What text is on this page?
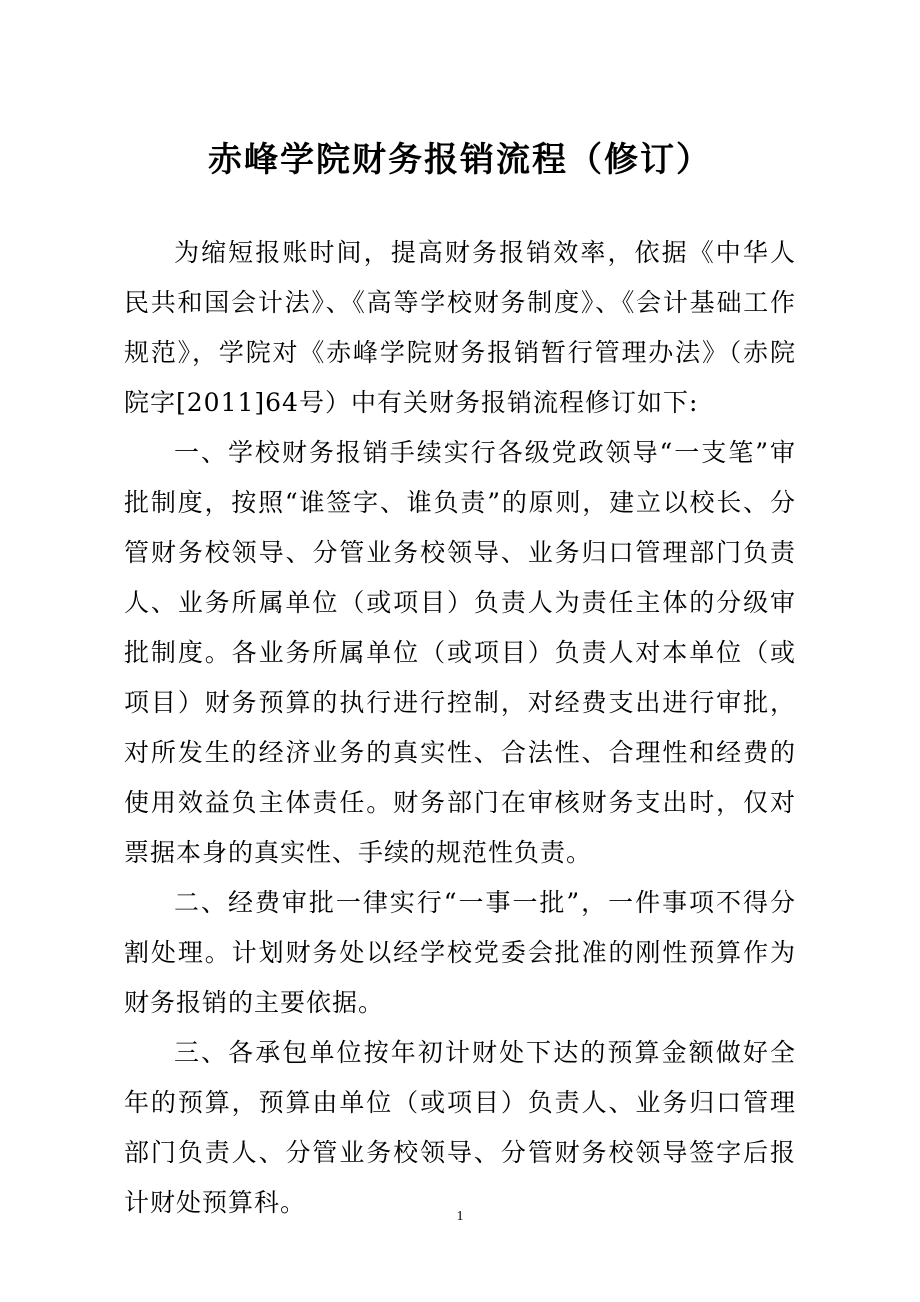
赤峰学院财务报销流程（修订）

为缩短报账时间，提高财务报销效率，依据《中华人民共和国会计法》、《高等学校财务制度》、《会计基础工作规范》，学院对《赤峰学院财务报销暂行管理办法》（赤院院字[2011]64号）中有关财务报销流程修订如下:

一、学校财务报销手续实行各级党政领导“一支笔”审批制度，按照“谁签字、谁负责”的原则，建立以校长、分管财务校领导、分管业务校领导、业务归口管理部门负责人、业务所属单位（或项目）负责人为责任主体的分级审批制度。各业务所属单位（或项目）负责人对本单位（或项目）财务预算的执行进行控制，对经费支出进行审批，对所发生的经济业务的真实性、合法性、合理性和经费的使用效益负主体责任。财务部门在审核财务支出时，仅对票据本身的真实性、手续的规范性负责。

二、经费审批一律实行“一事一批”，一件事项不得分割处理。计划财务处以经学校党委会批准的刚性预算作为财务报销的主要依据。

三、各承包单位按年初计财处下达的预算金额做好全年的预算，预算由单位（或项目）负责人、业务归口管理部门负责人、分管业务校领导、分管财务校领导签字后报计财处预算科。	1
